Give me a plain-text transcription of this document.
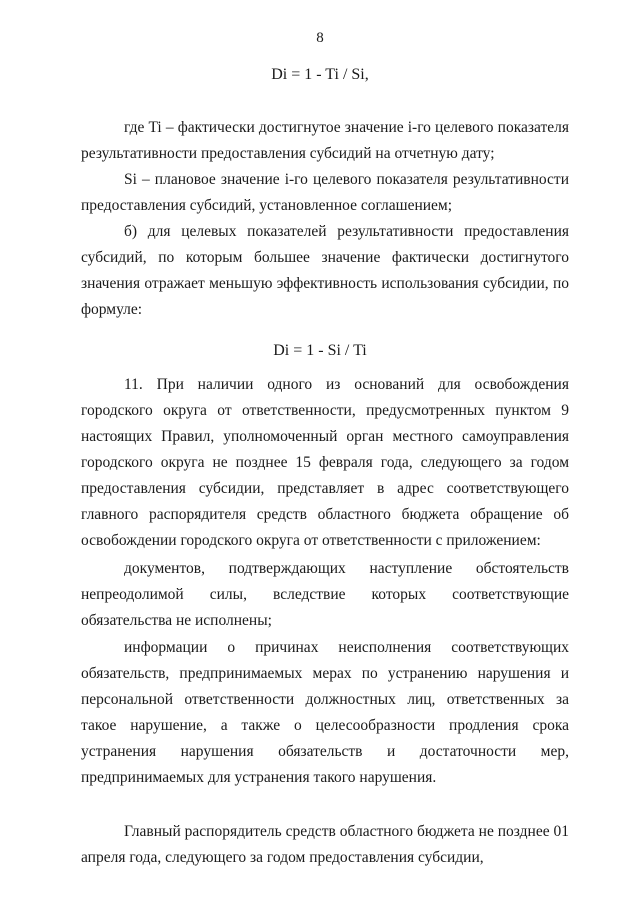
8
Di = 1 - Ti / Si,

где Ti – фактически достигнутое значение i-го целевого показателя результативности предоставления субсидий на отчетную дату;

Si – плановое значение i-го целевого показателя результативности предоставления субсидий, установленное соглашением;

б) для целевых показателей результативности предоставления субсидий, по которым большее значение фактически достигнутого значения отражает меньшую эффективность использования субсидии, по формуле:

Di = 1 - Si / Ti

11. При наличии одного из оснований для освобождения городского округа от ответственности, предусмотренных пунктом 9 настоящих Правил, уполномоченный орган местного самоуправления городского округа не позднее 15 февраля года, следующего за годом предоставления субсидии, представляет в адрес соответствующего главного распорядителя средств областного бюджета обращение об освобождении городского округа от ответственности с приложением:

документов, подтверждающих наступление обстоятельств непреодолимой силы, вследствие которых соответствующие обязательства не исполнены;

информации о причинах неисполнения соответствующих обязательств, предпринимаемых мерах по устранению нарушения и персональной ответственности должностных лиц, ответственных за такое нарушение, а также о целесообразности продления срока устранения нарушения обязательств и достаточности мер, предпринимаемых для устранения такого нарушения.

Главный распорядитель средств областного бюджета не позднее 01 апреля года, следующего за годом предоставления субсидии,
